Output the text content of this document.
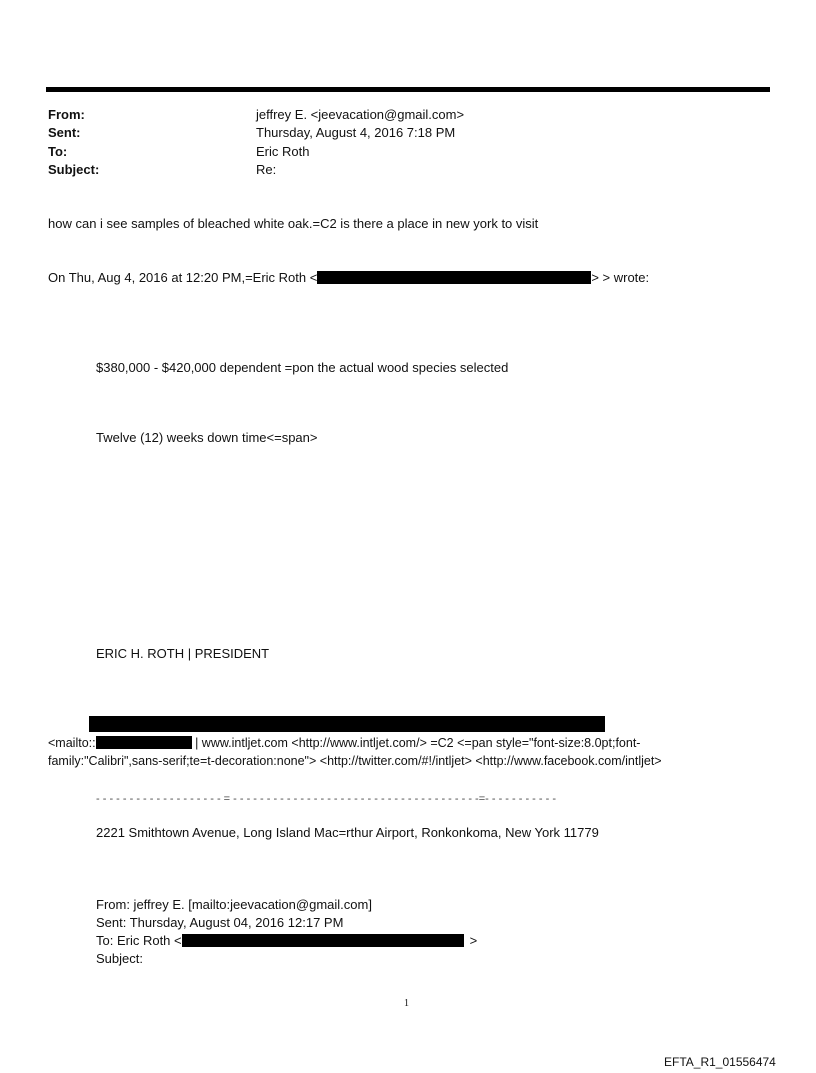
From:	jeffrey E. <jeevacation@gmail.com>
Sent:	Thursday, August 4, 2016 7:18 PM
To:	Eric Roth
Subject:	Re:
how can i see samples of bleached white oak.=C2 is there a place in new york to visit
On Thu, Aug 4, 2016 at 12:20 PM,=Eric Roth <	> > wrote:
$380,000 - $420,000 dependent =pon the actual wood species selected
Twelve (12) weeks down time<=span>
ERIC H. ROTH | PRESIDENT
<mailto::	| www.intljet.com <http://www.intljet.com/> =C2 <=pan style="font-size:8.0pt;font-
family:"Calibri",sans-serif;te=t-decoration:none"> <http://twitter.com/#!/intljet> <http://www.facebook.com/intljet>
- - - - - - - - - - - - - - - - - - - = - - - - - - - - - - - - - - - - - - - - - - - - - - - - - - - - - - - - -=- - - - - - - - - - -
2221 Smithtown Avenue, Long Island Mac=rthur Airport, Ronkonkoma, New York 11779
From: jeffrey E. [mailto:jeevacation@gmail.com]
Sent: Thursday, August 04, 2016 12:17 PM
To: Eric Roth <	>
Subject:
1
EFTA_R1_01556474
